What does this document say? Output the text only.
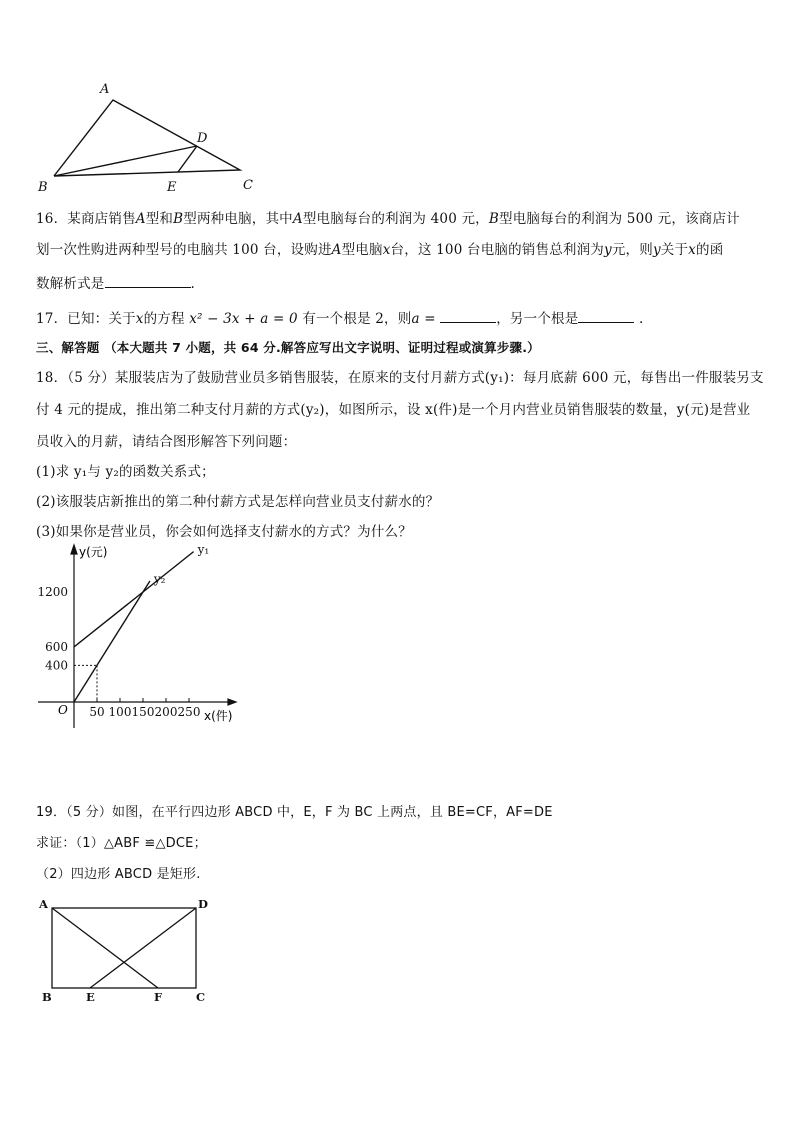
A
B	C
D
E
16．某商店销售A型和B型两种电脑，其中A型电脑每台的利润为 400 元，B型电脑每台的利润为 500 元，该商店计
划一次性购进两种型号的电脑共 100 台，设购进A型电脑x台，这 100 台电脑的销售总利润为y元，则y关于x的函
数解析式是	.
17．已知：关于x的方程 x² − 3x + a = 0 有一个根是 2，则a =	，另一个根是	.
三、解答题 （本大题共 7 小题，共 64 分.解答应写出文字说明、证明过程或演算步骤.）
18．（5 分）某服装店为了鼓励营业员多销售服装，在原来的支付月薪方式(y₁)：每月底薪 600 元，每售出一件服装另支
付 4 元的提成，推出第二种支付月薪的方式(y₂)，如图所示，设 x(件)是一个月内营业员销售服装的数量，y(元)是营业
员收入的月薪，请结合图形解答下列问题：
(1)求 y₁与 y₂的函数关系式；
(2)该服装店新推出的第二种付薪方式是怎样向营业员支付薪水的？
(3)如果你是营业员，你会如何选择支付薪水的方式？为什么？
y(元)
x(件)
O 50 100 150 200 250
400
600
1200
y₁
y₂
19．（5 分）如图，在平行四边形 ABCD 中，E，F 为 BC 上两点，且 BE=CF，AF=DE
求证：（1）△ABF ≌△DCE；
（2）四边形 ABCD 是矩形.
A	D
B	E	F	C
